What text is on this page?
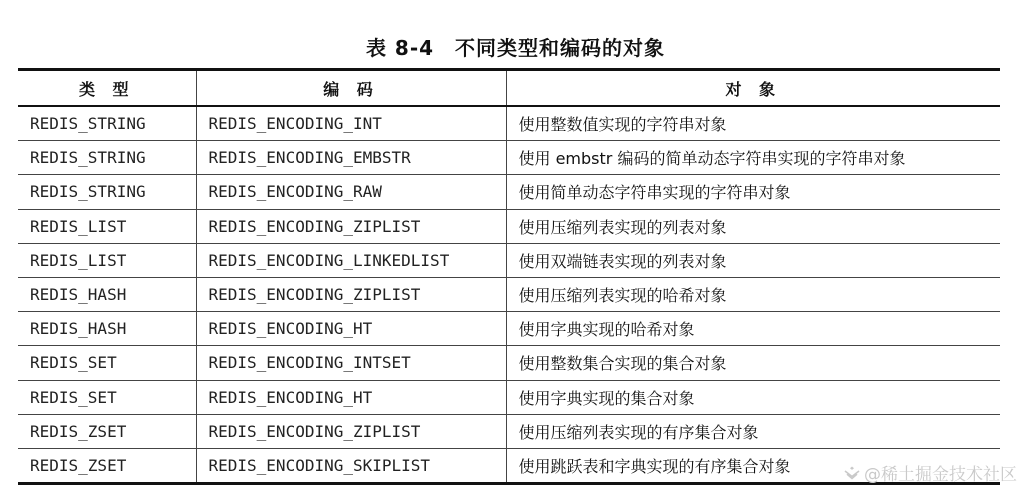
表 8-4　不同类型和编码的对象
类 型	编 码	对 象
REDIS_STRING	REDIS_ENCODING_INT	使用整数值实现的字符串对象
REDIS_STRING	REDIS_ENCODING_EMBSTR	使用 embstr 编码的简单动态字符串实现的字符串对象
REDIS_STRING	REDIS_ENCODING_RAW	使用简单动态字符串实现的字符串对象
REDIS_LIST	REDIS_ENCODING_ZIPLIST	使用压缩列表实现的列表对象
REDIS_LIST	REDIS_ENCODING_LINKEDLIST	使用双端链表实现的列表对象
REDIS_HASH	REDIS_ENCODING_ZIPLIST	使用压缩列表实现的哈希对象
REDIS_HASH	REDIS_ENCODING_HT	使用字典实现的哈希对象
REDIS_SET	REDIS_ENCODING_INTSET	使用整数集合实现的集合对象
REDIS_SET	REDIS_ENCODING_HT	使用字典实现的集合对象
REDIS_ZSET	REDIS_ENCODING_ZIPLIST	使用压缩列表实现的有序集合对象
REDIS_ZSET	REDIS_ENCODING_SKIPLIST	使用跳跃表和字典实现的有序集合对象	@稀土掘金技术社区
